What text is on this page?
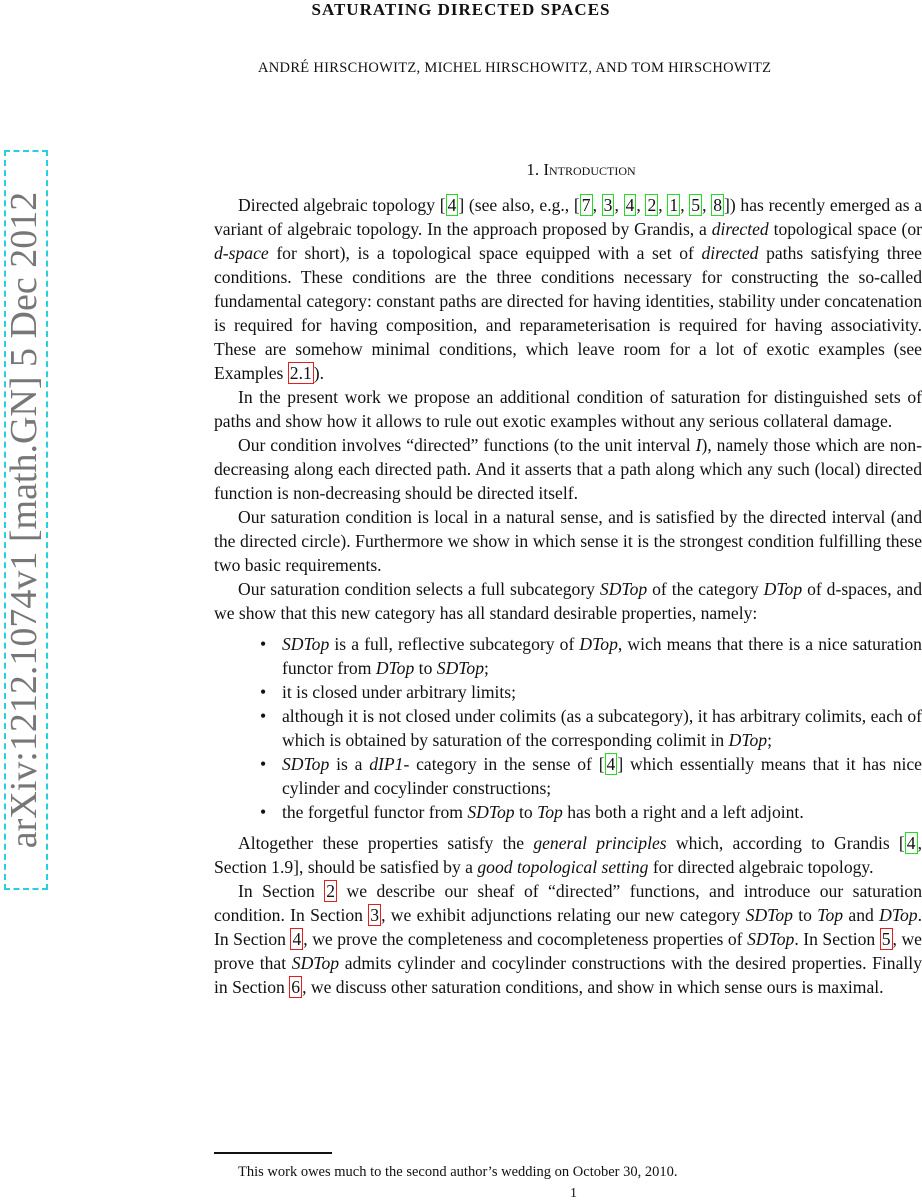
SATURATING DIRECTED SPACES
ANDRÉ HIRSCHOWITZ, MICHEL HIRSCHOWITZ, AND TOM HIRSCHOWITZ
arXiv:1212.1074v1 [math.GN] 5 Dec 2012
1. Introduction

Directed algebraic topology [ 4 ] (see also, e.g., [ 7 , 3 , 4 , 2 , 1 , 5 , 8 ]) has recently emerged as a variant of algebraic topology. In the approach proposed by Grandis, a directed topological space (or d-space for short), is a topological space equipped with a set of directed paths satisfying three conditions. These conditions are the three conditions necessary for constructing the so-called fundamental category: constant paths are directed for having identities, stability under concatenation is required for having composition, and reparameterisation is required for having associativity. These are somehow minimal conditions, which leave room for a lot of exotic examples (see Examples 2.1 ).

In the present work we propose an additional condition of saturation for distinguished sets of paths and show how it allows to rule out exotic examples without any serious collateral damage.

Our condition involves “directed” functions (to the unit interval I), namely those which are non-decreasing along each directed path. And it asserts that a path along which any such (local) directed function is non-decreasing should be directed itself.

Our saturation condition is local in a natural sense, and is satisfied by the directed interval (and the directed circle). Furthermore we show in which sense it is the strongest condition fulfilling these two basic requirements.

Our saturation condition selects a full subcategory SDTop of the category DTop of d-spaces, and we show that this new category has all standard desirable properties, namely:

• SDTop is a full, reflective subcategory of DTop, wich means that there is a nice saturation functor from DTop to SDTop;
• it is closed under arbitrary limits;
• although it is not closed under colimits (as a subcategory), it has arbitrary colimits, each of which is obtained by saturation of the corresponding colimit in DTop;
• SDTop is a dIP1- category in the sense of [ 4 ] which essentially means that it has nice cylinder and cocylinder constructions;
• the forgetful functor from SDTop to Top has both a right and a left adjoint.

Altogether these properties satisfy the general principles which, according to Grandis [ 4 , Section 1.9], should be satisfied by a good topological setting for directed algebraic topology.

In Section 2 we describe our sheaf of “directed” functions, and introduce our saturation condition. In Section 3 , we exhibit adjunctions relating our new category SDTop to Top and DTop. In Section 4 , we prove the completeness and cocompleteness properties of SDTop. In Section 5 , we prove that SDTop admits cylinder and cocylinder constructions with the desired properties. Finally in Section 6 , we discuss other saturation conditions, and show in which sense ours is maximal.

This work owes much to the second author’s wedding on October 30, 2010.
1
